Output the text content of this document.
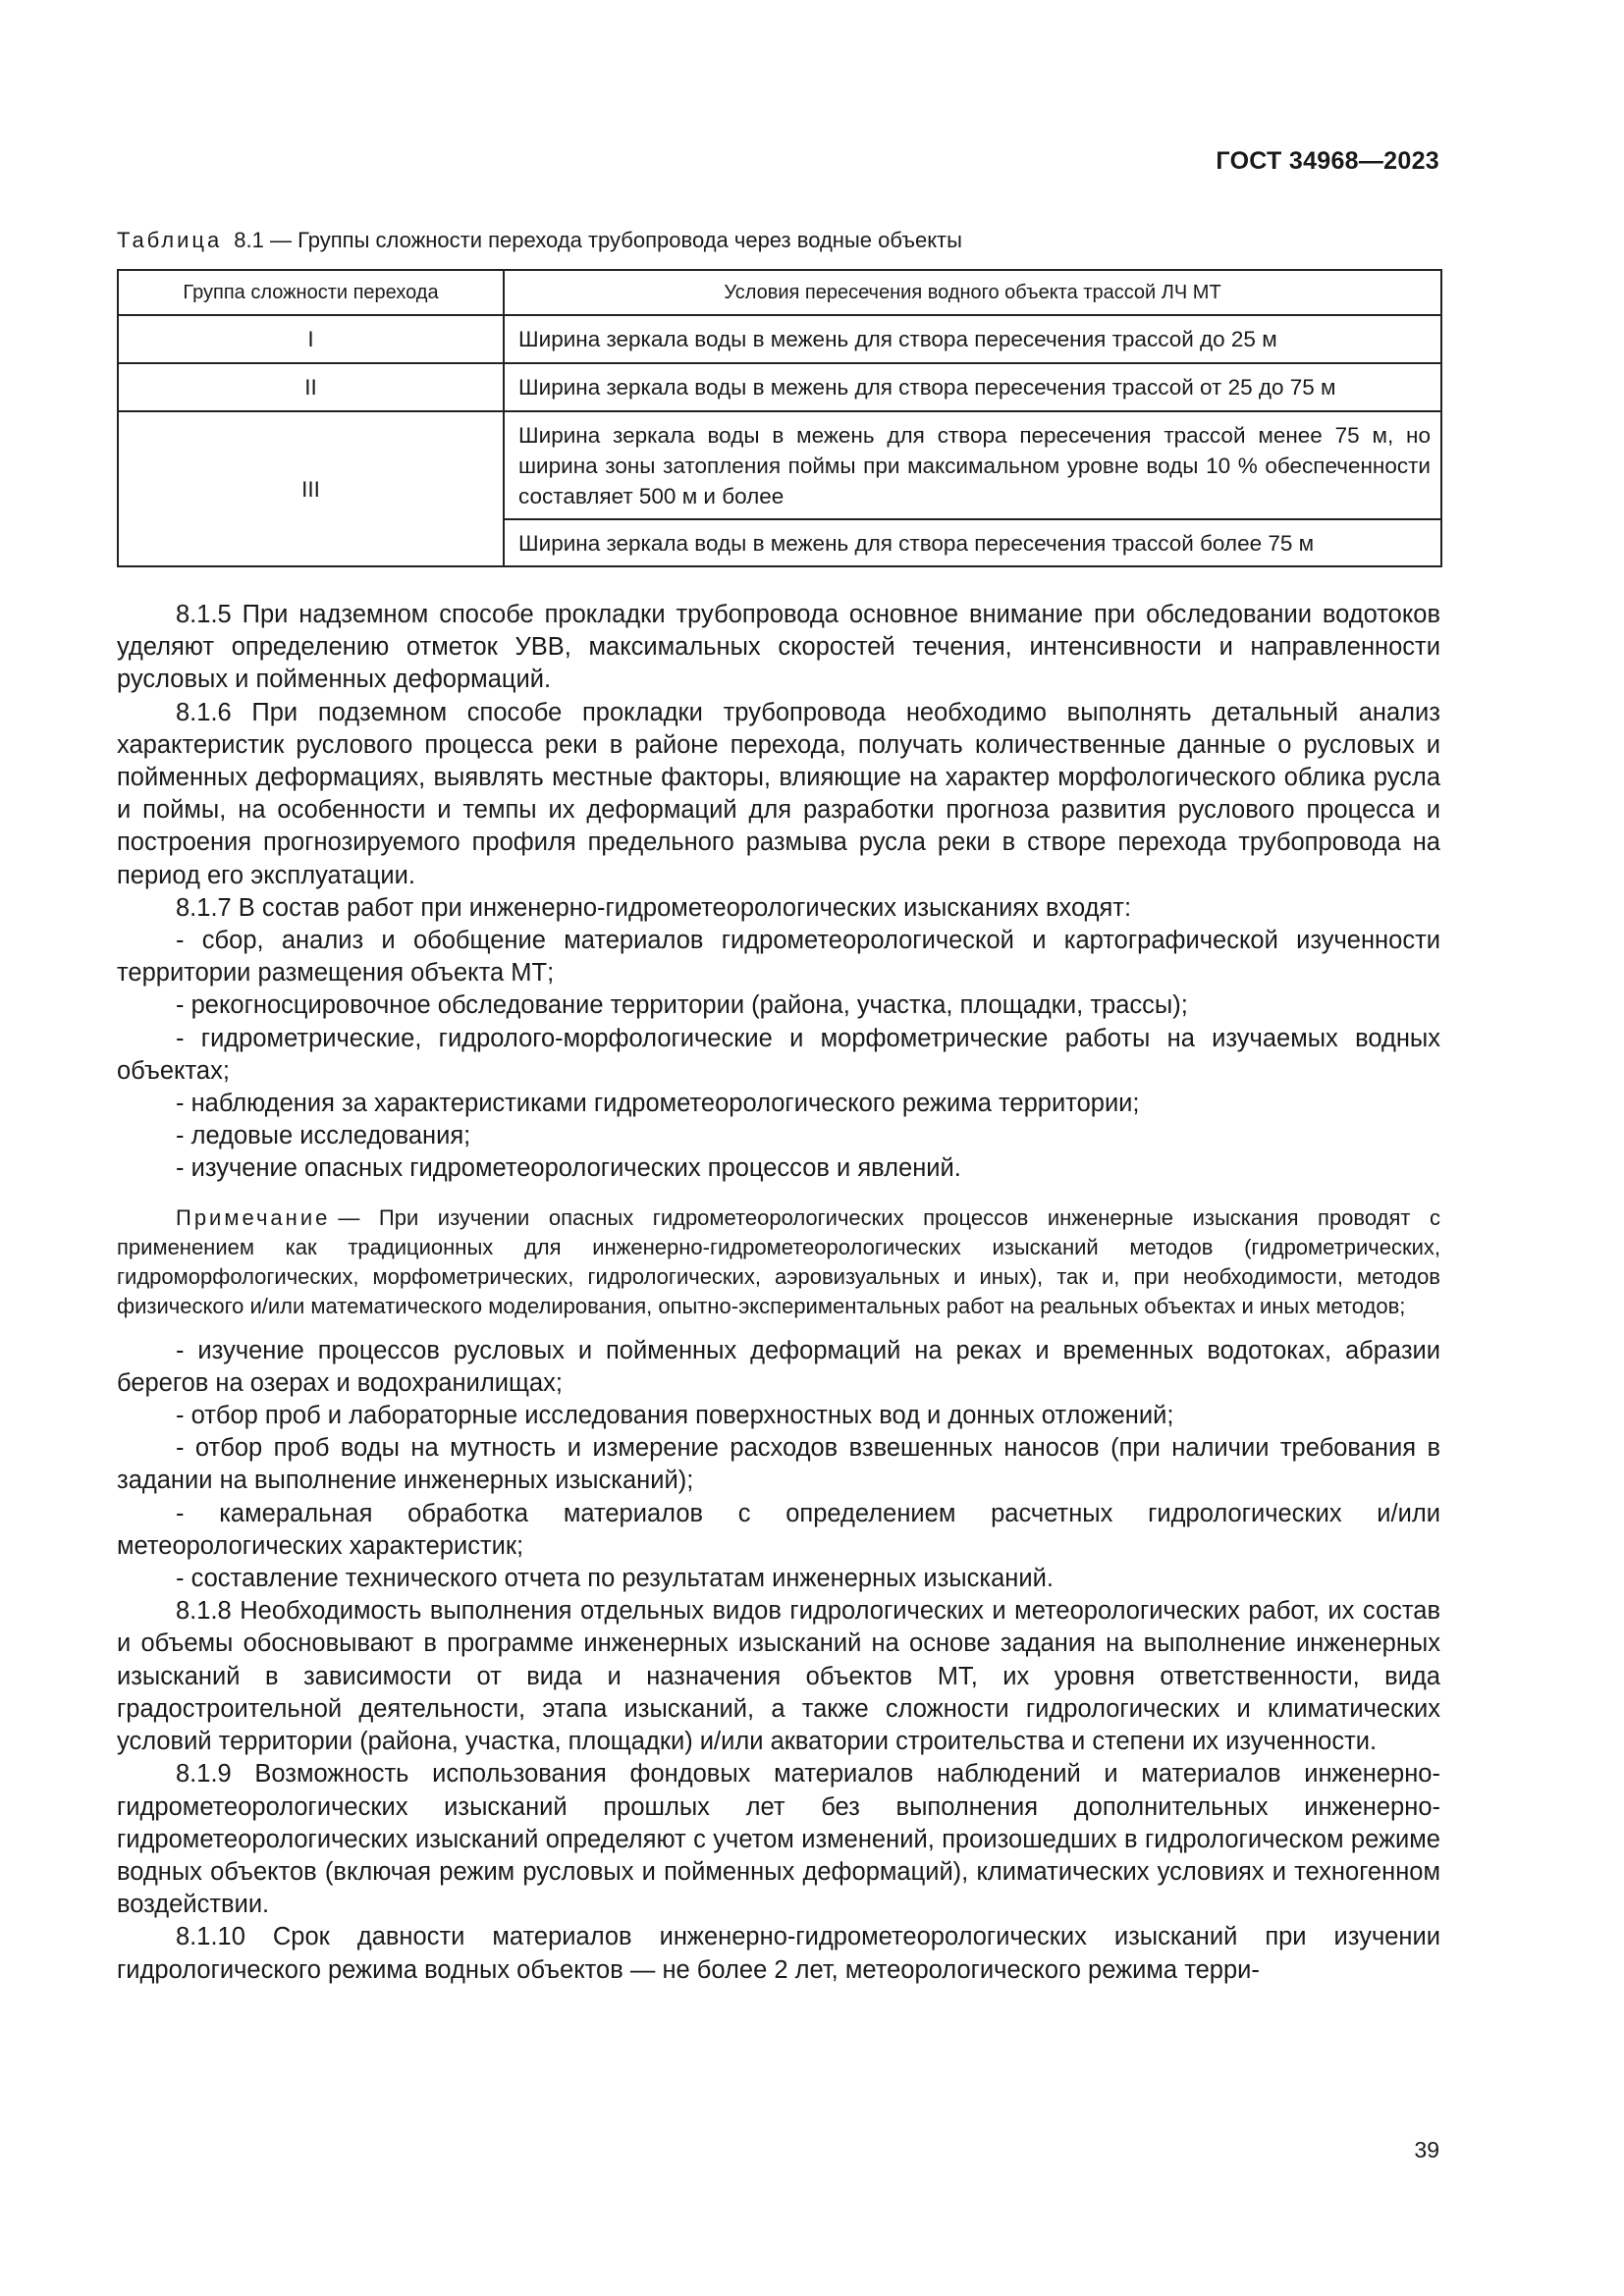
ГОСТ 34968—2023
Таблица 8.1 — Группы сложности перехода трубопровода через водные объекты
Группа сложности перехода	Условия пересечения водного объекта трассой ЛЧ МТ
I	Ширина зеркала воды в межень для створа пересечения трассой до 25 м
II	Ширина зеркала воды в межень для створа пересечения трассой от 25 до 75 м
III	Ширина зеркала воды в межень для створа пересечения трассой менее 75 м, но ширина зоны затопления поймы при максимальном уровне воды 10 % обеспеченности составляет 500 м и более
	Ширина зеркала воды в межень для створа пересечения трассой более 75 м

8.1.5 При надземном способе прокладки трубопровода основное внимание при обследовании водотоков уделяют определению отметок УВВ, максимальных скоростей течения, интенсивности и направленности русловых и пойменных деформаций.

8.1.6 При подземном способе прокладки трубопровода необходимо выполнять детальный анализ характеристик руслового процесса реки в районе перехода, получать количественные данные о русловых и пойменных деформациях, выявлять местные факторы, влияющие на характер морфологического облика русла и поймы, на особенности и темпы их деформаций для разработки прогноза развития руслового процесса и построения прогнозируемого профиля предельного размыва русла реки в створе перехода трубопровода на период его эксплуатации.

8.1.7 В состав работ при инженерно-гидрометеорологических изысканиях входят:

- сбор, анализ и обобщение материалов гидрометеорологической и картографической изученности территории размещения объекта МТ;

- рекогносцировочное обследование территории (района, участка, площадки, трассы);

- гидрометрические, гидролого-морфологические и морфометрические работы на изучаемых водных объектах;

- наблюдения за характеристиками гидрометеорологического режима территории;

- ледовые исследования;

- изучение опасных гидрометеорологических процессов и явлений.

Примечание — При изучении опасных гидрометеорологических процессов инженерные изыскания проводят с применением как традиционных для инженерно-гидрометеорологических изысканий методов (гидрометрических, гидроморфологических, морфометрических, гидрологических, аэровизуальных и иных), так и, при необходимости, методов физического и/или математического моделирования, опытно-экспериментальных работ на реальных объектах и иных методов;

- изучение процессов русловых и пойменных деформаций на реках и временных водотоках, абразии берегов на озерах и водохранилищах;

- отбор проб и лабораторные исследования поверхностных вод и донных отложений;

- отбор проб воды на мутность и измерение расходов взвешенных наносов (при наличии требования в задании на выполнение инженерных изысканий);

- камеральная обработка материалов с определением расчетных гидрологических и/или метеорологических характеристик;

- составление технического отчета по результатам инженерных изысканий.

8.1.8 Необходимость выполнения отдельных видов гидрологических и метеорологических работ, их состав и объемы обосновывают в программе инженерных изысканий на основе задания на выполнение инженерных изысканий в зависимости от вида и назначения объектов МТ, их уровня ответственности, вида градостроительной деятельности, этапа изысканий, а также сложности гидрологических и климатических условий территории (района, участка, площадки) и/или акватории строительства и степени их изученности.

8.1.9 Возможность использования фондовых материалов наблюдений и материалов инженерно-гидрометеорологических изысканий прошлых лет без выполнения дополнительных инженерно-гидрометеорологических изысканий определяют с учетом изменений, произошедших в гидрологическом режиме водных объектов (включая режим русловых и пойменных деформаций), климатических условиях и техногенном воздействии.

8.1.10 Срок давности материалов инженерно-гидрометеорологических изысканий при изучении гидрологического режима водных объектов — не более 2 лет, метеорологического режима терри-

39
